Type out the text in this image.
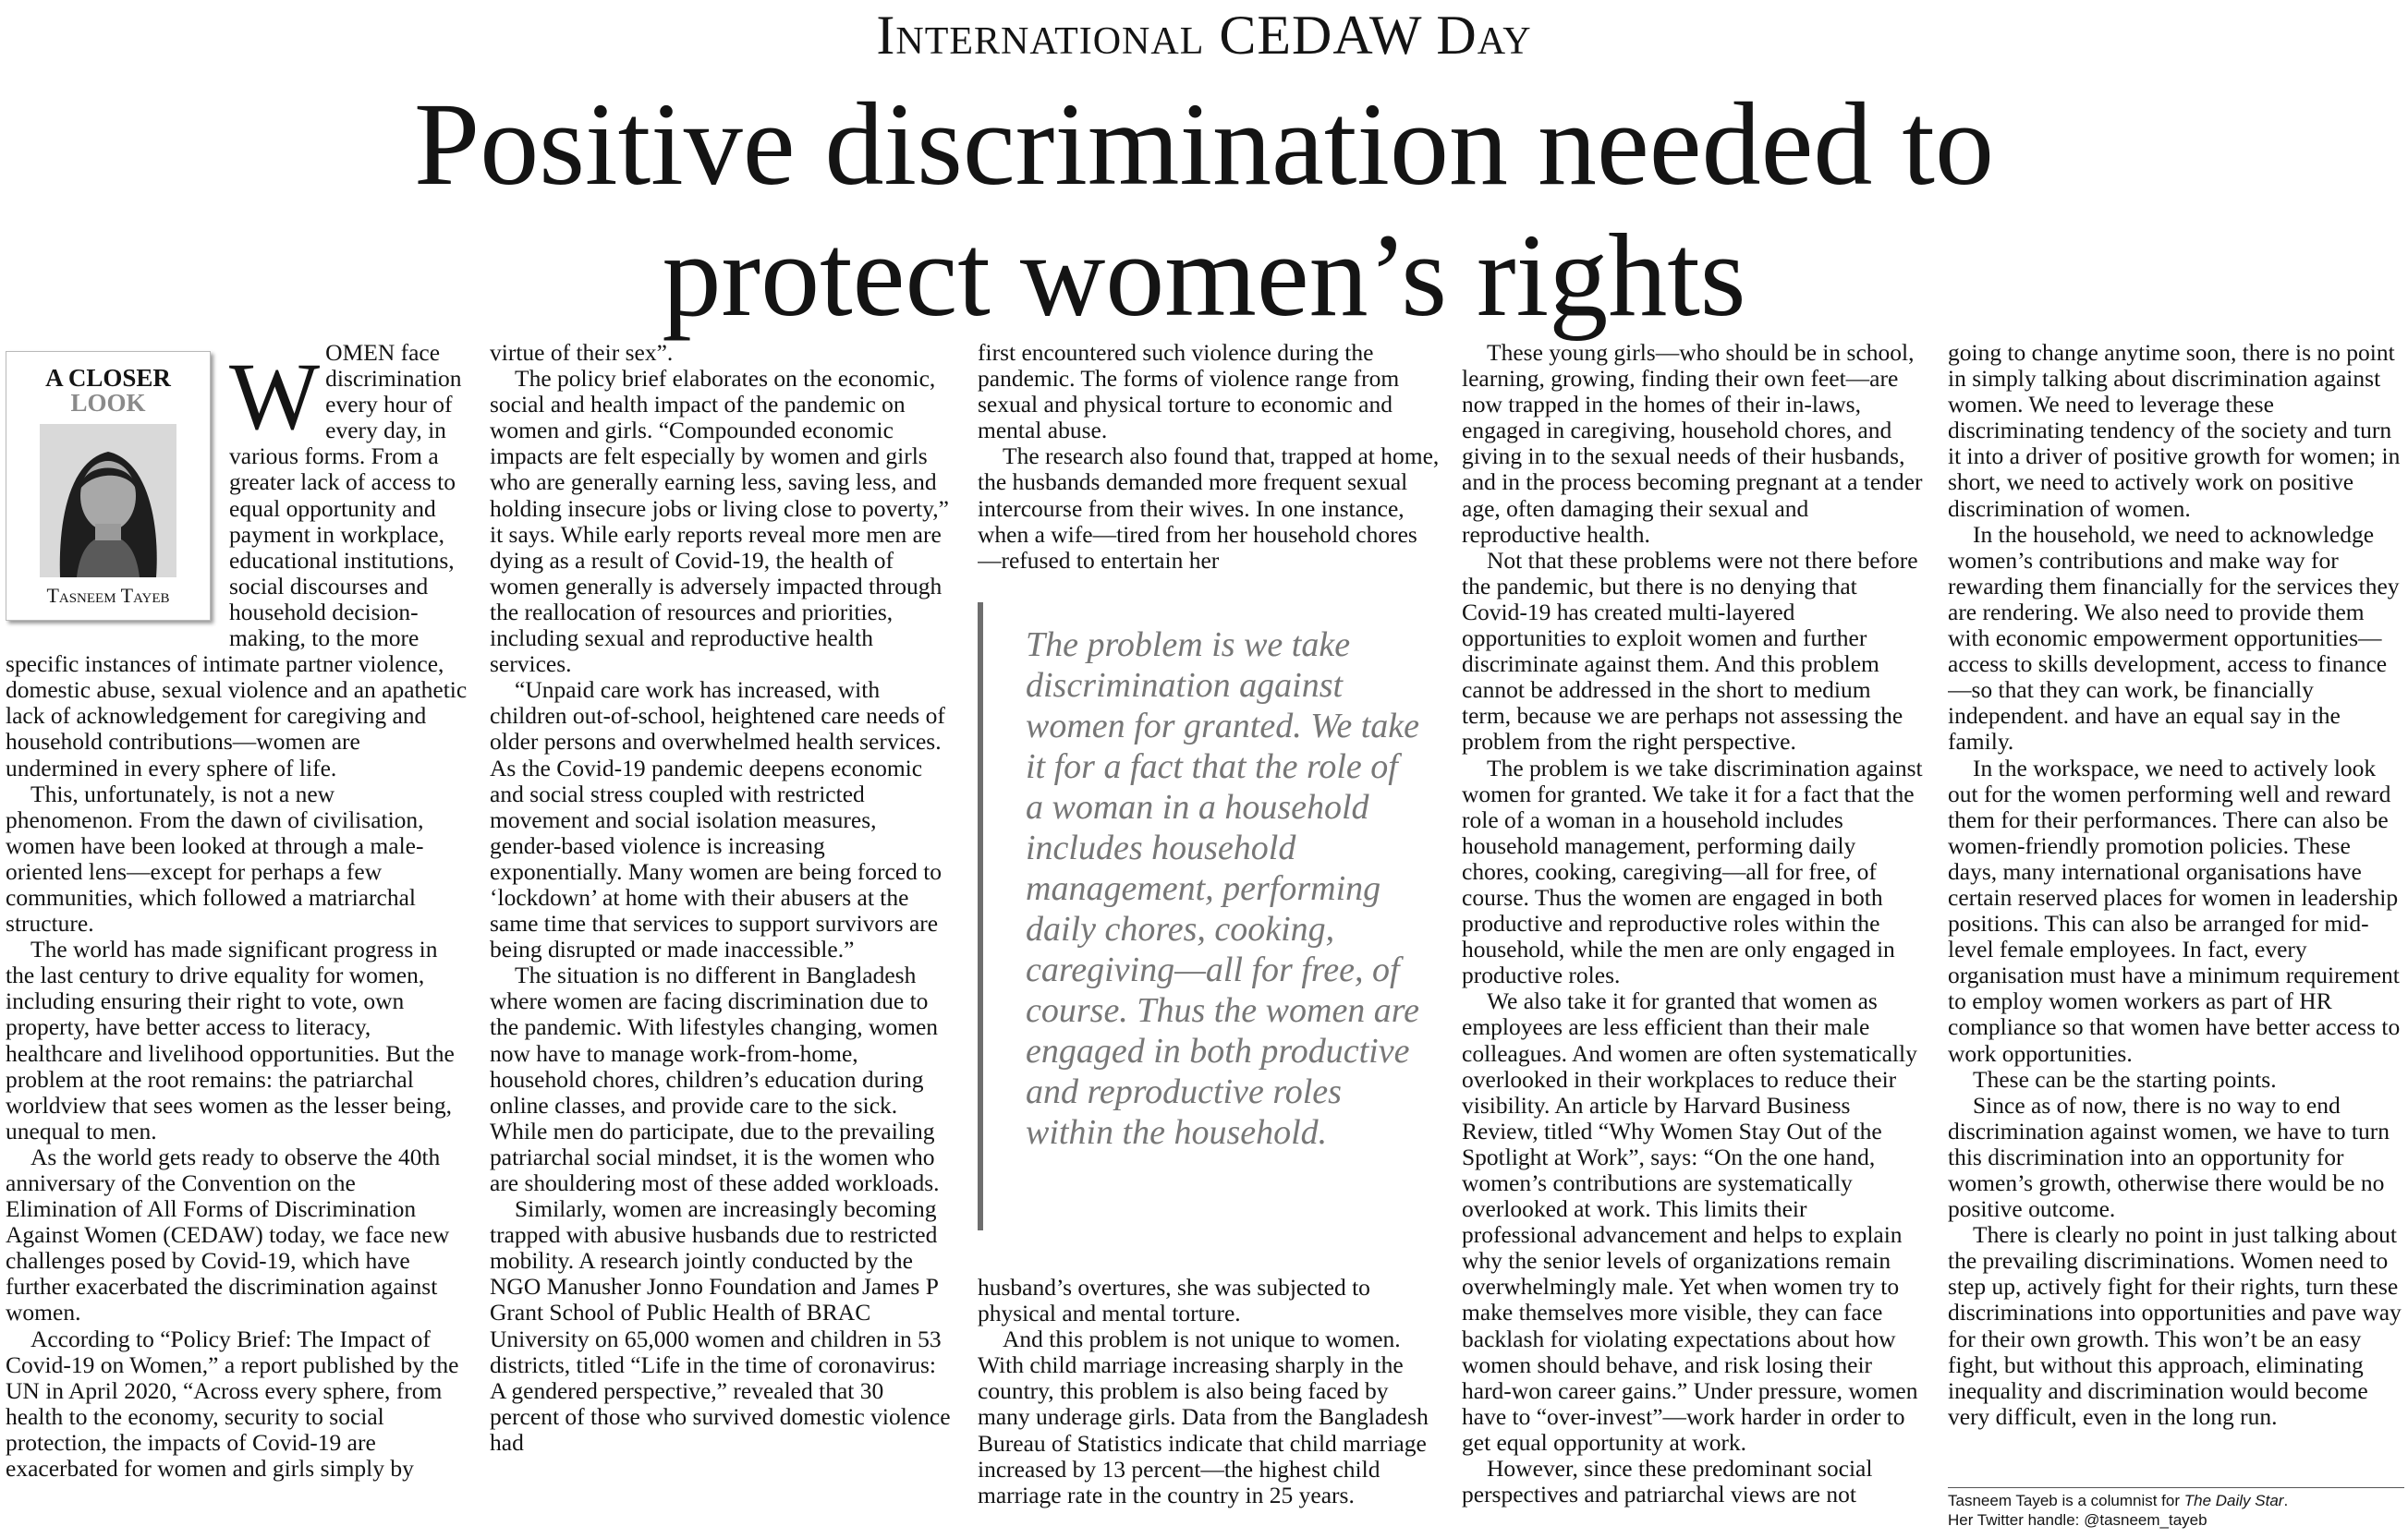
International CEDAW Day
Positive discrimination needed to
protect women’s rights
A CLOSER
LOOK
Tasneem Tayeb
W OMEN face discrimination every hour of every day, in various forms. From a greater lack of access to equal opportunity and payment in workplace, educational institutions, social discourses and household decision-making, to the more specific instances of intimate partner violence, domestic abuse, sexual violence and an apathetic lack of acknowledgement for caregiving and household contributions—women are undermined in every sphere of life.

This, unfortunately, is not a new phenomenon. From the dawn of civilisation, women have been looked at through a male-oriented lens—except for perhaps a few communities, which followed a matriarchal structure.

The world has made significant progress in the last century to drive equality for women, including ensuring their right to vote, own property, have better access to literacy, healthcare and livelihood opportunities. But the problem at the root remains: the patriarchal worldview that sees women as the lesser being, unequal to men.

As the world gets ready to observe the 40th anniversary of the Convention on the Elimination of All Forms of Discrimination Against Women (CEDAW) today, we face new challenges posed by Covid-19, which have further exacerbated the discrimination against women.

According to “Policy Brief: The Impact of Covid-19 on Women,” a report published by the UN in April 2020, “Across every sphere, from health to the economy, security to social protection, the impacts of Covid-19 are exacerbated for women and girls simply by

virtue of their sex”.

The policy brief elaborates on the economic, social and health impact of the pandemic on women and girls. “Compounded economic impacts are felt especially by women and girls who are generally earning less, saving less, and holding insecure jobs or living close to poverty,” it says. While early reports reveal more men are dying as a result of Covid-19, the health of women generally is adversely impacted through the reallocation of resources and priorities, including sexual and reproductive health services.

“Unpaid care work has increased, with children out-of-school, heightened care needs of older persons and overwhelmed health services. As the Covid-19 pandemic deepens economic and social stress coupled with restricted movement and social isolation measures, gender-based violence is increasing exponentially. Many women are being forced to ‘lockdown’ at home with their abusers at the same time that services to support survivors are being disrupted or made inaccessible.”

The situation is no different in Bangladesh where women are facing discrimination due to the pandemic. With lifestyles changing, women now have to manage work-from-home, household chores, children’s education during online classes, and provide care to the sick. While men do participate, due to the prevailing patriarchal social mindset, it is the women who are shouldering most of these added workloads.

Similarly, women are increasingly becoming trapped with abusive husbands due to restricted mobility. A research jointly conducted by the NGO Manusher Jonno Foundation and James P Grant School of Public Health of BRAC University on 65,000 women and children in 53 districts, titled “Life in the time of coronavirus: A gendered perspective,” revealed that 30 percent of those who survived domestic violence had

first encountered such violence during the pandemic. The forms of violence range from sexual and physical torture to economic and mental abuse.

The research also found that, trapped at home, the husbands demanded more frequent sexual intercourse from their wives. In one instance, when a wife—tired from her household chores—refused to entertain her

The problem is we take discrimination against women for granted. We take it for a fact that the role of a woman in a household includes household management, performing daily chores, cooking, caregiving—all for free, of course. Thus the women are engaged in both productive and reproductive roles within the household.

husband’s overtures, she was subjected to physical and mental torture.

And this problem is not unique to women. With child marriage increasing sharply in the country, this problem is also being faced by many underage girls. Data from the Bangladesh Bureau of Statistics indicate that child marriage increased by 13 percent—the highest child marriage rate in the country in 25 years.

These young girls—who should be in school, learning, growing, finding their own feet—are now trapped in the homes of their in-laws, engaged in caregiving, household chores, and giving in to the sexual needs of their husbands, and in the process becoming pregnant at a tender age, often damaging their sexual and reproductive health.

Not that these problems were not there before the pandemic, but there is no denying that Covid-19 has created multi-layered opportunities to exploit women and further discriminate against them. And this problem cannot be addressed in the short to medium term, because we are perhaps not assessing the problem from the right perspective.

The problem is we take discrimination against women for granted. We take it for a fact that the role of a woman in a household includes household management, performing daily chores, cooking, caregiving—all for free, of course. Thus the women are engaged in both productive and reproductive roles within the household, while the men are only engaged in productive roles.

We also take it for granted that women as employees are less efficient than their male colleagues. And women are often systematically overlooked in their workplaces to reduce their visibility. An article by Harvard Business Review, titled “Why Women Stay Out of the Spotlight at Work”, says: “On the one hand, women’s contributions are systematically overlooked at work. This limits their professional advancement and helps to explain why the senior levels of organizations remain overwhelmingly male. Yet when women try to make themselves more visible, they can face backlash for violating expectations about how women should behave, and risk losing their hard-won career gains.” Under pressure, women have to “over-invest”—work harder in order to get equal opportunity at work.

However, since these predominant social perspectives and patriarchal views are not

going to change anytime soon, there is no point in simply talking about discrimination against women. We need to leverage these discriminating tendency of the society and turn it into a driver of positive growth for women; in short, we need to actively work on positive discrimination of women.

In the household, we need to acknowledge women’s contributions and make way for rewarding them financially for the services they are rendering. We also need to provide them with economic empowerment opportunities—access to skills development, access to finance—so that they can work, be financially independent. and have an equal say in the family.

In the workspace, we need to actively look out for the women performing well and reward them for their performances. There can also be women-friendly promotion policies. These days, many international organisations have certain reserved places for women in leadership positions. This can also be arranged for mid-level female employees. In fact, every organisation must have a minimum requirement to employ women workers as part of HR compliance so that women have better access to work opportunities.

These can be the starting points.

Since as of now, there is no way to end discrimination against women, we have to turn this discrimination into an opportunity for women’s growth, otherwise there would be no positive outcome.

There is clearly no point in just talking about the prevailing discriminations. Women need to step up, actively fight for their rights, turn these discriminations into opportunities and pave way for their own growth. This won’t be an easy fight, but without this approach, eliminating inequality and discrimination would become very difficult, even in the long run.

Tasneem Tayeb is a columnist for The Daily Star.
Her Twitter handle: @tasneem_tayeb
